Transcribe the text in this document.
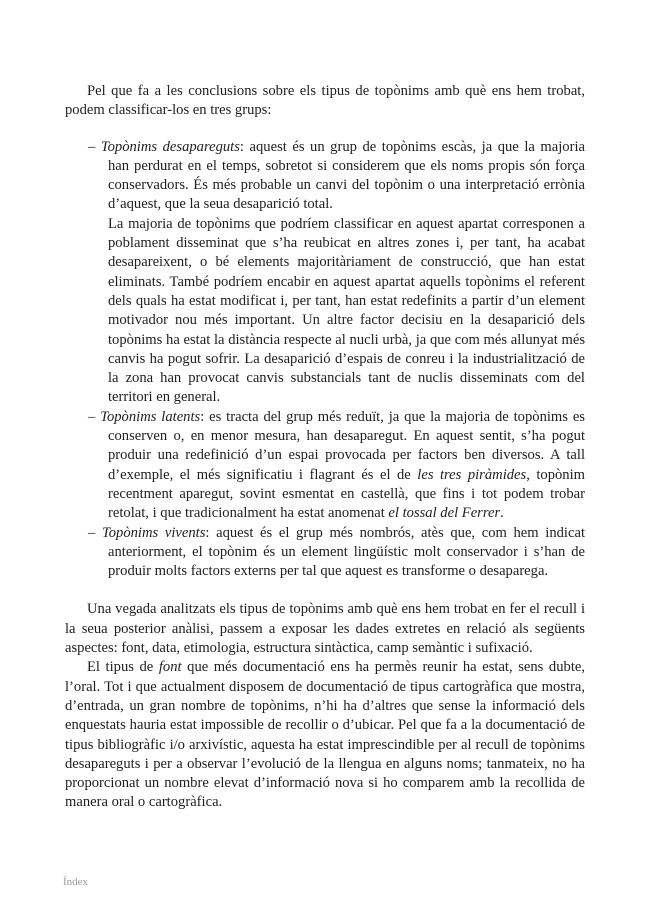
Pel que fa a les conclusions sobre els tipus de topònims amb què ens hem trobat, podem classificar-los en tres grups:

– Topònims desapareguts: aquest és un grup de topònims escàs, ja que la majoria han perdurat en el temps, sobretot si considerem que els noms propis són força conservadors. És més probable un canvi del topònim o una interpretació errònia d’aquest, que la seua desaparició total.

La majoria de topònims que podríem classificar en aquest apartat corresponen a poblament disseminat que s’ha reubicat en altres zones i, per tant, ha acabat desapareixent, o bé elements majoritàriament de construcció, que han estat eliminats. També podríem encabir en aquest apartat aquells topònims el referent dels quals ha estat modificat i, per tant, han estat redefinits a partir d’un element motivador nou més important. Un altre factor decisiu en la desaparició dels topònims ha estat la distància respecte al nucli urbà, ja que com més allunyat més canvis ha pogut sofrir. La desaparició d’espais de conreu i la industrialització de la zona han provocat canvis substancials tant de nuclis disseminats com del territori en general.

– Topònims latents: es tracta del grup més reduït, ja que la majoria de topònims es conserven o, en menor mesura, han desaparegut. En aquest sentit, s’ha pogut produir una redefinició d’un espai provocada per factors ben diversos. A tall d’exemple, el més significatiu i flagrant és el de les tres piràmides, topònim recentment aparegut, sovint esmentat en castellà, que fins i tot podem trobar retolat, i que tradicionalment ha estat anomenat el tossal del Ferrer.

– Topònims vivents: aquest és el grup més nombrós, atès que, com hem indicat anteriorment, el topònim és un element lingüístic molt conservador i s’han de produir molts factors externs per tal que aquest es transforme o desaparega.

Una vegada analitzats els tipus de topònims amb què ens hem trobat en fer el recull i la seua posterior anàlisi, passem a exposar les dades extretes en relació als següents aspectes: font, data, etimologia, estructura sintàctica, camp semàntic i sufixació.

El tipus de font que més documentació ens ha permès reunir ha estat, sens dubte, l’oral. Tot i que actualment disposem de documentació de tipus cartogràfica que mostra, d’entrada, un gran nombre de topònims, n’hi ha d’altres que sense la informació dels enquestats hauria estat impossible de recollir o d’ubicar. Pel que fa a la documentació de tipus bibliogràfic i/o arxivístic, aquesta ha estat imprescindible per al recull de topònims desapareguts i per a observar l’evolució de la llengua en alguns noms; tanmateix, no ha proporcionat un nombre elevat d’informació nova si ho comparem amb la recollida de manera oral o cartogràfica.

Índex
